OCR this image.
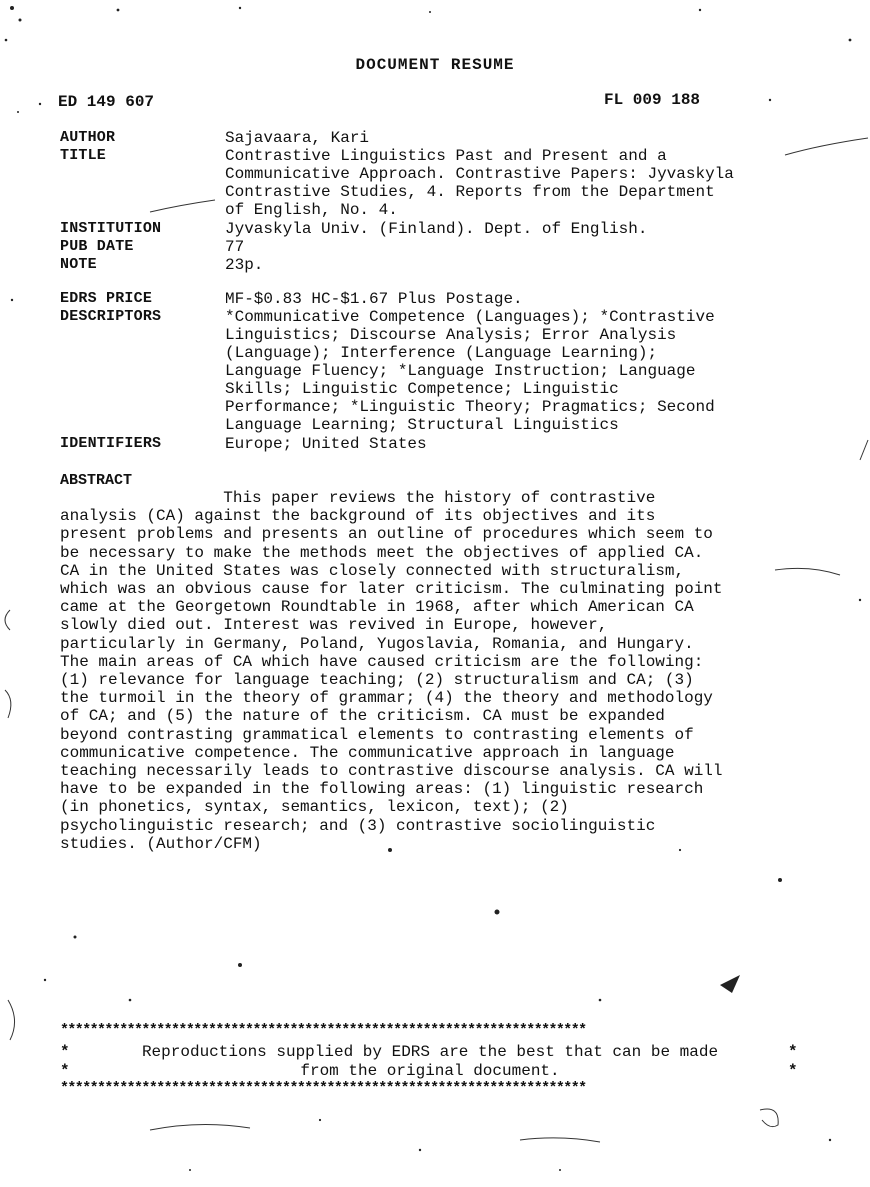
DOCUMENT RESUME
ED 149 607	FL 009 188
AUTHOR	Sajavaara, Kari
TITLE	Contrastive Linguistics Past and Present and a
Communicative Approach. Contrastive Papers: Jyvaskyla
Contrastive Studies, 4. Reports from the Department
of English, No. 4.
INSTITUTION	Jyvaskyla Univ. (Finland). Dept. of English.
PUB DATE	77
NOTE	23p.
EDRS PRICE	MF-$0.83 HC-$1.67 Plus Postage.
DESCRIPTORS	*Communicative Competence (Languages); *Contrastive
Linguistics; Discourse Analysis; Error Analysis
(Language); Interference (Language Learning);
Language Fluency; *Language Instruction; Language
Skills; Linguistic Competence; Linguistic
Performance; *Linguistic Theory; Pragmatics; Second
Language Learning; Structural Linguistics
IDENTIFIERS	Europe; United States
ABSTRACT
This paper reviews the history of contrastive
analysis (CA) against the background of its objectives and its
present problems and presents an outline of procedures which seem to
be necessary to make the methods meet the objectives of applied CA.
CA in the United States was closely connected with structuralism,
which was an obvious cause for later criticism. The culminating point
came at the Georgetown Roundtable in 1968, after which American CA
slowly died out. Interest was revived in Europe, however,
particularly in Germany, Poland, Yugoslavia, Romania, and Hungary.
The main areas of CA which have caused criticism are the following:
(1) relevance for language teaching; (2) structuralism and CA; (3)
the turmoil in the theory of grammar; (4) the theory and methodology
of CA; and (5) the nature of the criticism. CA must be expanded
beyond contrasting grammatical elements to contrasting elements of
communicative competence. The communicative approach in language
teaching necessarily leads to contrastive discourse analysis. CA will
have to be expanded in the following areas: (1) linguistic research
(in phonetics, syntax, semantics, lexicon, text); (2)
psycholinguistic research; and (3) contrastive sociolinguistic
studies. (Author/CFM)
***********************************************************************
*	*
Reproductions supplied by EDRS are the best that can be made
*	*
from the original document.
***********************************************************************
